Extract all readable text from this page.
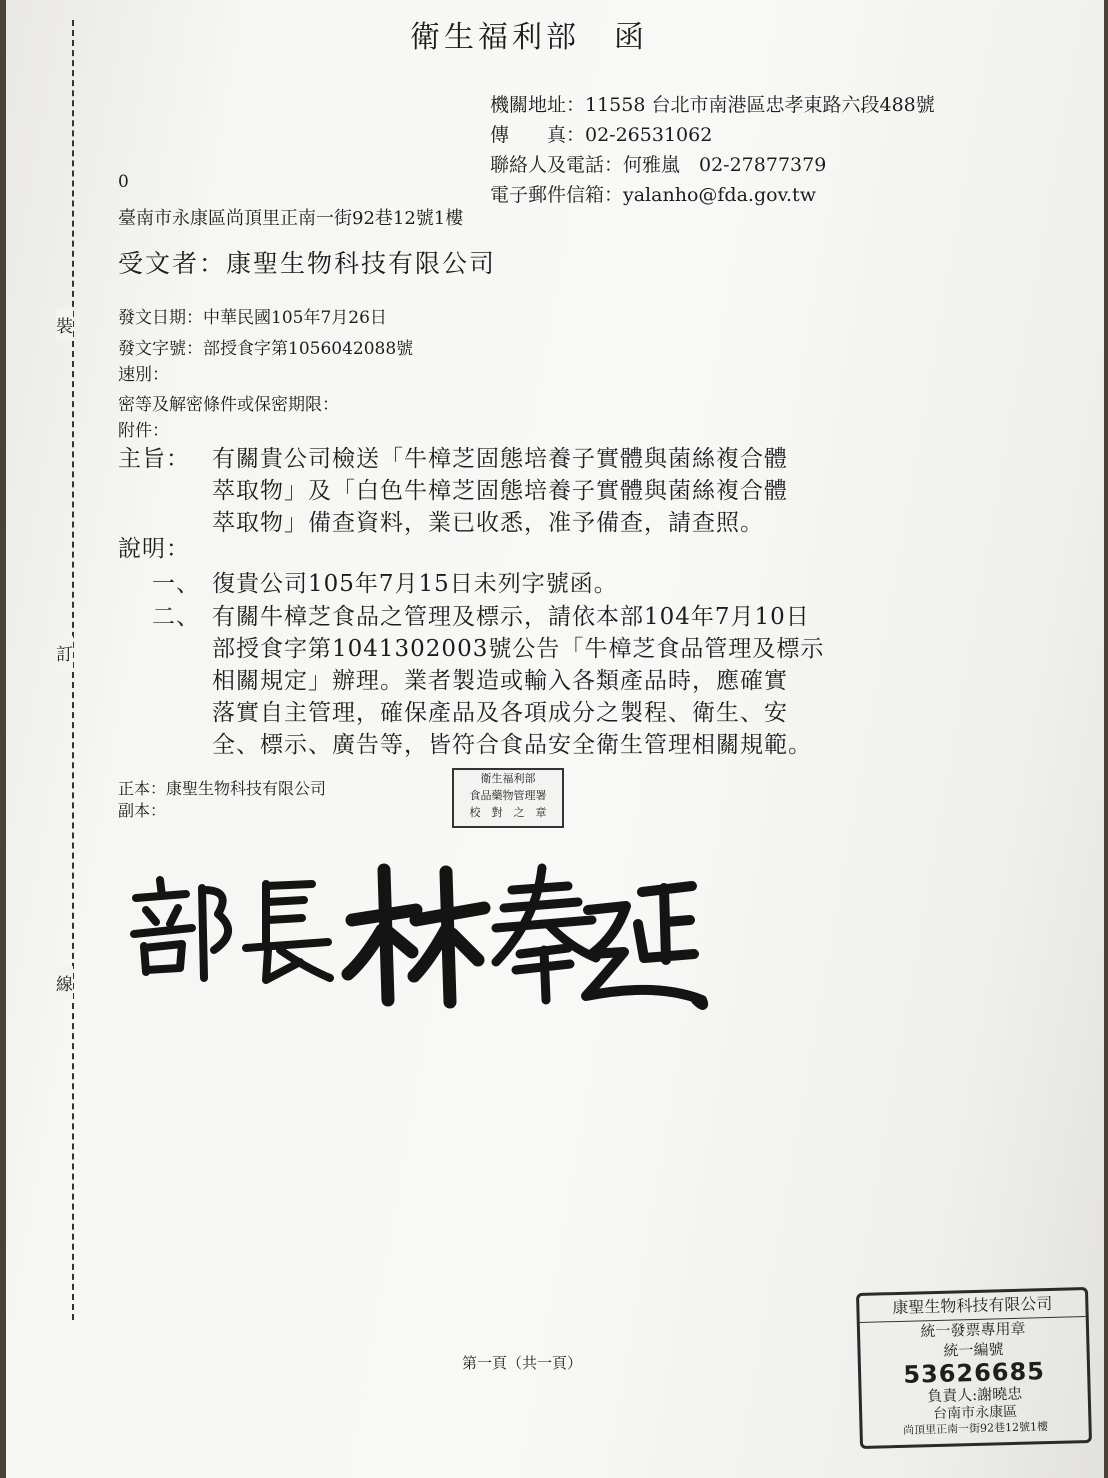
裝
訂
線
衛生福利部　函
機關地址：11558 台北市南港區忠孝東路六段488號
傳　　真：02-26531062
聯絡人及電話：何雅嵐　02-27877379
電子郵件信箱：yalanho@fda.gov.tw
0
臺南市永康區尚頂里正南一街92巷12號1樓
受文者：康聖生物科技有限公司
發文日期：中華民國105年7月26日
發文字號：部授食字第1056042088號
速別：
密等及解密條件或保密期限：
附件：
主旨： 有關貴公司檢送「牛樟芝固態培養子實體與菌絲複合體
萃取物」及「白色牛樟芝固態培養子實體與菌絲複合體
萃取物」備查資料，業已收悉，准予備查，請查照。
說明：
一、 復貴公司105年7月15日未列字號函。
二、 有關牛樟芝食品之管理及標示，請依本部104年7月10日
部授食字第1041302003號公告「牛樟芝食品管理及標示
相關規定」辦理。業者製造或輸入各類產品時，應確實
落實自主管理，確保產品及各項成分之製程、衛生、安
全、標示、廣告等，皆符合食品安全衛生管理相關規範。
正本：康聖生物科技有限公司
副本：
衛生福利部
食品藥物管理署
校　對　之　章
第一頁（共一頁）
康聖生物科技有限公司
統一發票專用章
統一編號
53626685
負責人:謝曉忠
台南市永康區
尚頂里正南一街92巷12號1樓
